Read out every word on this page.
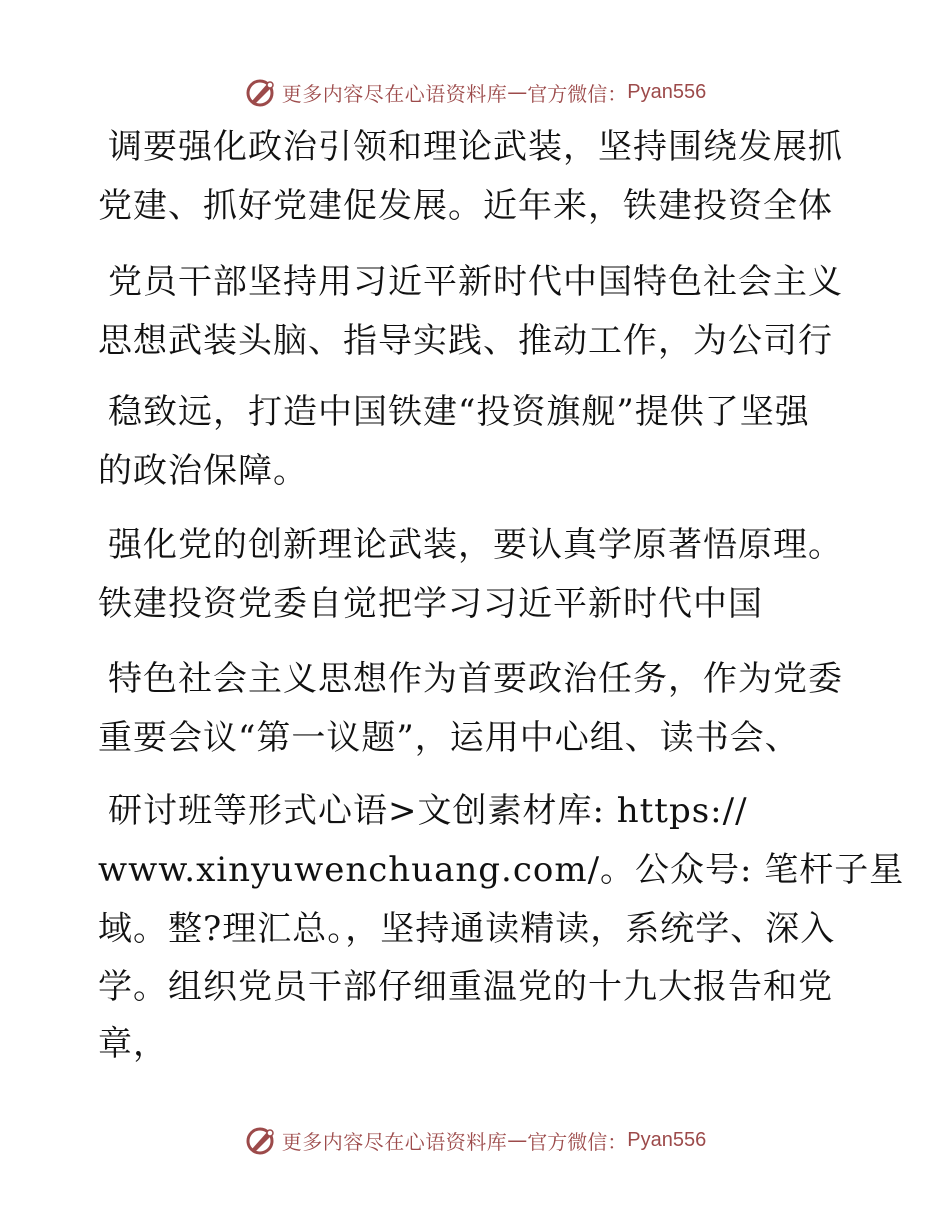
更多内容尽在心语资料库 — 官方微信： Pyan556
调要强化政治引领和理论武装，坚持围绕发展抓
党建、抓好党建促发展。近年来，铁建投资全体
党员干部坚持用习近平新时代中国特色社会主义
思想武装头脑、指导实践、推动工作，为公司行
稳致远，打造中国铁建“投资旗舰”提供了坚强
的政治保障。
强化党的创新理论武装，要认真学原著悟原理。
铁建投资党委自觉把学习习近平新时代中国
特色社会主义思想作为首要政治任务，作为党委
重要会议“第一议题”，运用中心组、读书会、
研讨班等形式心语>文创素材库: https://
www.xinyuwenchuang.com/。公众号: 笔杆子星
域。整?理汇总。，坚持通读精读，系统学、深入
学。组织党员干部仔细重温党的十九大报告和党
章，
更多内容尽在心语资料库 — 官方微信： Pyan556
